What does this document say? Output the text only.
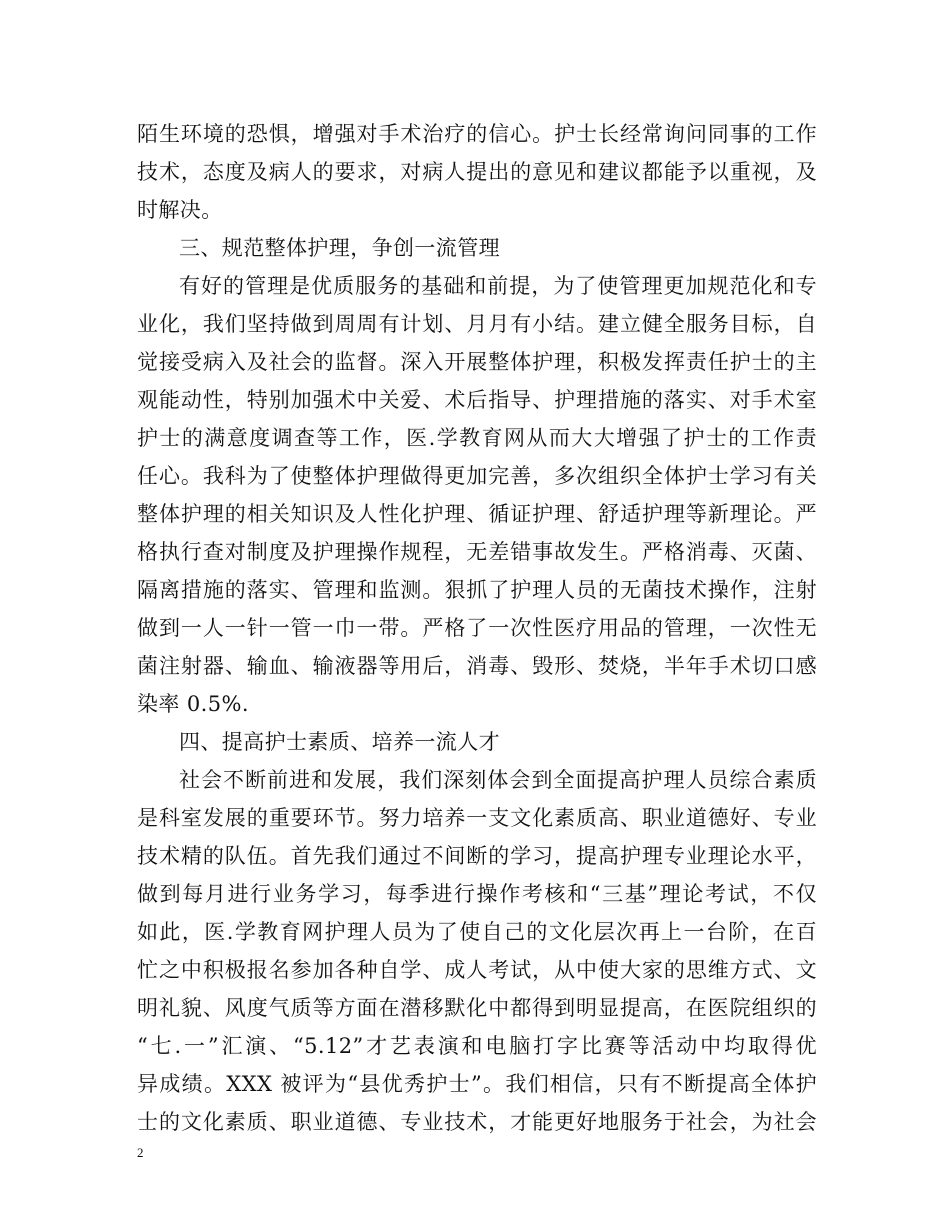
陌生环境的恐惧，增强对手术治疗的信心。护士长经常询问同事的工作
技术，态度及病人的要求，对病人提出的意见和建议都能予以重视，及
时解决。
三、规范整体护理，争创一流管理
有好的管理是优质服务的基础和前提，为了使管理更加规范化和专
业化，我们坚持做到周周有计划、月月有小结。建立健全服务目标，自
觉接受病入及社会的监督。深入开展整体护理，积极发挥责任护士的主
观能动性，特别加强术中关爱、术后指导、护理措施的落实、对手术室
护士的满意度调查等工作，医.学教育网从而大大增强了护士的工作责
任心。我科为了使整体护理做得更加完善，多次组织全体护士学习有关
整体护理的相关知识及人性化护理、循证护理、舒适护理等新理论。严
格执行查对制度及护理操作规程，无差错事故发生。严格消毒、灭菌、
隔离措施的落实、管理和监测。狠抓了护理人员的无菌技术操作，注射
做到一人一针一管一巾一带。严格了一次性医疗用品的管理，一次性无
菌注射器、输血、输液器等用后，消毒、毁形、焚烧，半年手术切口感
染率 0.5%.
四、提高护士素质、培养一流人才
社会不断前进和发展，我们深刻体会到全面提高护理人员综合素质
是科室发展的重要环节。努力培养一支文化素质高、职业道德好、专业
技术精的队伍。首先我们通过不间断的学习，提高护理专业理论水平，
做到每月进行业务学习，每季进行操作考核和“三基”理论考试，不仅
如此，医.学教育网护理人员为了使自己的文化层次再上一台阶，在百
忙之中积极报名参加各种自学、成人考试，从中使大家的思维方式、文
明礼貌、风度气质等方面在潜移默化中都得到明显提高，在医院组织的
“七.一”汇演、“5.12”才艺表演和电脑打字比赛等活动中均取得优
异成绩。XXX 被评为“县优秀护士”。我们相信，只有不断提高全体护
士的文化素质、职业道德、专业技术，才能更好地服务于社会，为社会
2
